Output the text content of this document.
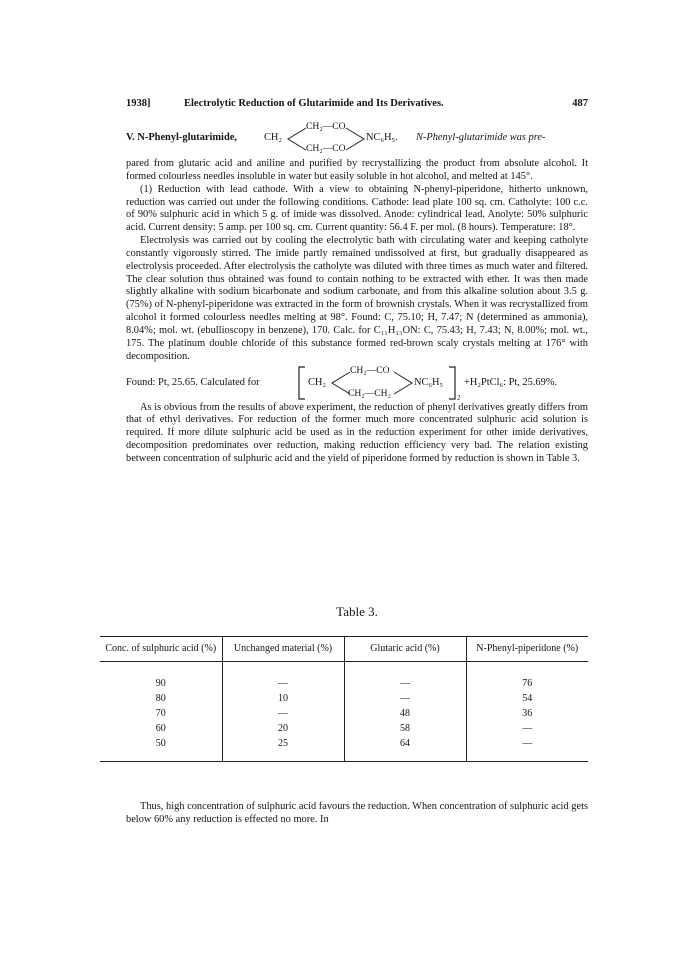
1938]	Electrolytic Reduction of Glutarimide and Its Derivatives.	487
V. N-Phenyl-glutarimide,	CH₂
CH₂—CO
CH₂—CO
NC₆H₅. N-Phenyl-glutarimide was pre-

pared from glutaric acid and aniline and purified by recrystallizing the product from absolute alcohol. It formed colourless needles insoluble in water but easily soluble in hot alcohol, and melted at 145°.

(1) Reduction with lead cathode. With a view to obtaining N-phenyl-piperidone, hitherto unknown, reduction was carried out under the following conditions. Cathode: lead plate 100 sq. cm. Catholyte: 100 c.c. of 90% sulphuric acid in which 5 g. of imide was dissolved. Anode: cylindrical lead. Anolyte: 50% sulphuric acid. Current density: 5 amp. per 100 sq. cm. Current quantity: 56.4 F. per mol. (8 hours). Temperature: 18°.

Electrolysis was carried out by cooling the electrolytic bath with circulating water and keeping catholyte constantly vigorously stirred. The imide partly remained undissolved at first, but gradually disappeared as electrolysis proceeded. After electrolysis the catholyte was diluted with three times as much water and filtered. The clear solution thus obtained was found to contain nothing to be extracted with ether. It was then made slightly alkaline with sodium bicarbonate and sodium carbonate, and from this alkaline solution about 3.5 g. (75%) of N-phenyl-piperidone was extracted in the form of brownish crystals. When it was recrystallized from alcohol it formed colourless needles melting at 98°. Found: C, 75.10; H, 7.47; N (determined as ammonia), 8.04%; mol. wt. (ebullioscopy in benzene), 170. Calc. for C₁₁H₁₃ON: C, 75.43; H, 7.43; N, 8.00%; mol. wt., 175. The platinum double chloride of this substance formed red-brown scaly crystals melting at 176° with decomposition.

Found: Pt, 25.65. Calculated for	CH₂
CH₂—CO
CH₂—CH₂
NC₆H₅
2
+H₂PtCl₆: Pt, 25.69%.

As is obvious from the results of above experiment, the reduction of phenyl derivatives greatly differs from that of ethyl derivatives. For reduction of the former much more concentrated sulphuric acid solution is required. If more dilute sulphuric acid be used as in the reduction experiment for other imide derivatives, decomposition predominates over reduction, making reduction efficiency very bad. The relation existing between concentration of sulphuric acid and the yield of piperidone formed by reduction is shown in Table 3.

Table 3.
Conc. of sulphuric acid (%)	Unchanged material (%)	Glutaric acid (%)	N-Phenyl-piperidone (%)
90	—	—	76
80	10	—	54
70	—	48	36
60	20	58	—
50	25	64	—

Thus, high concentration of sulphuric acid favours the reduction. When concentration of sulphuric acid gets below 60% any reduction is effected no more. In
